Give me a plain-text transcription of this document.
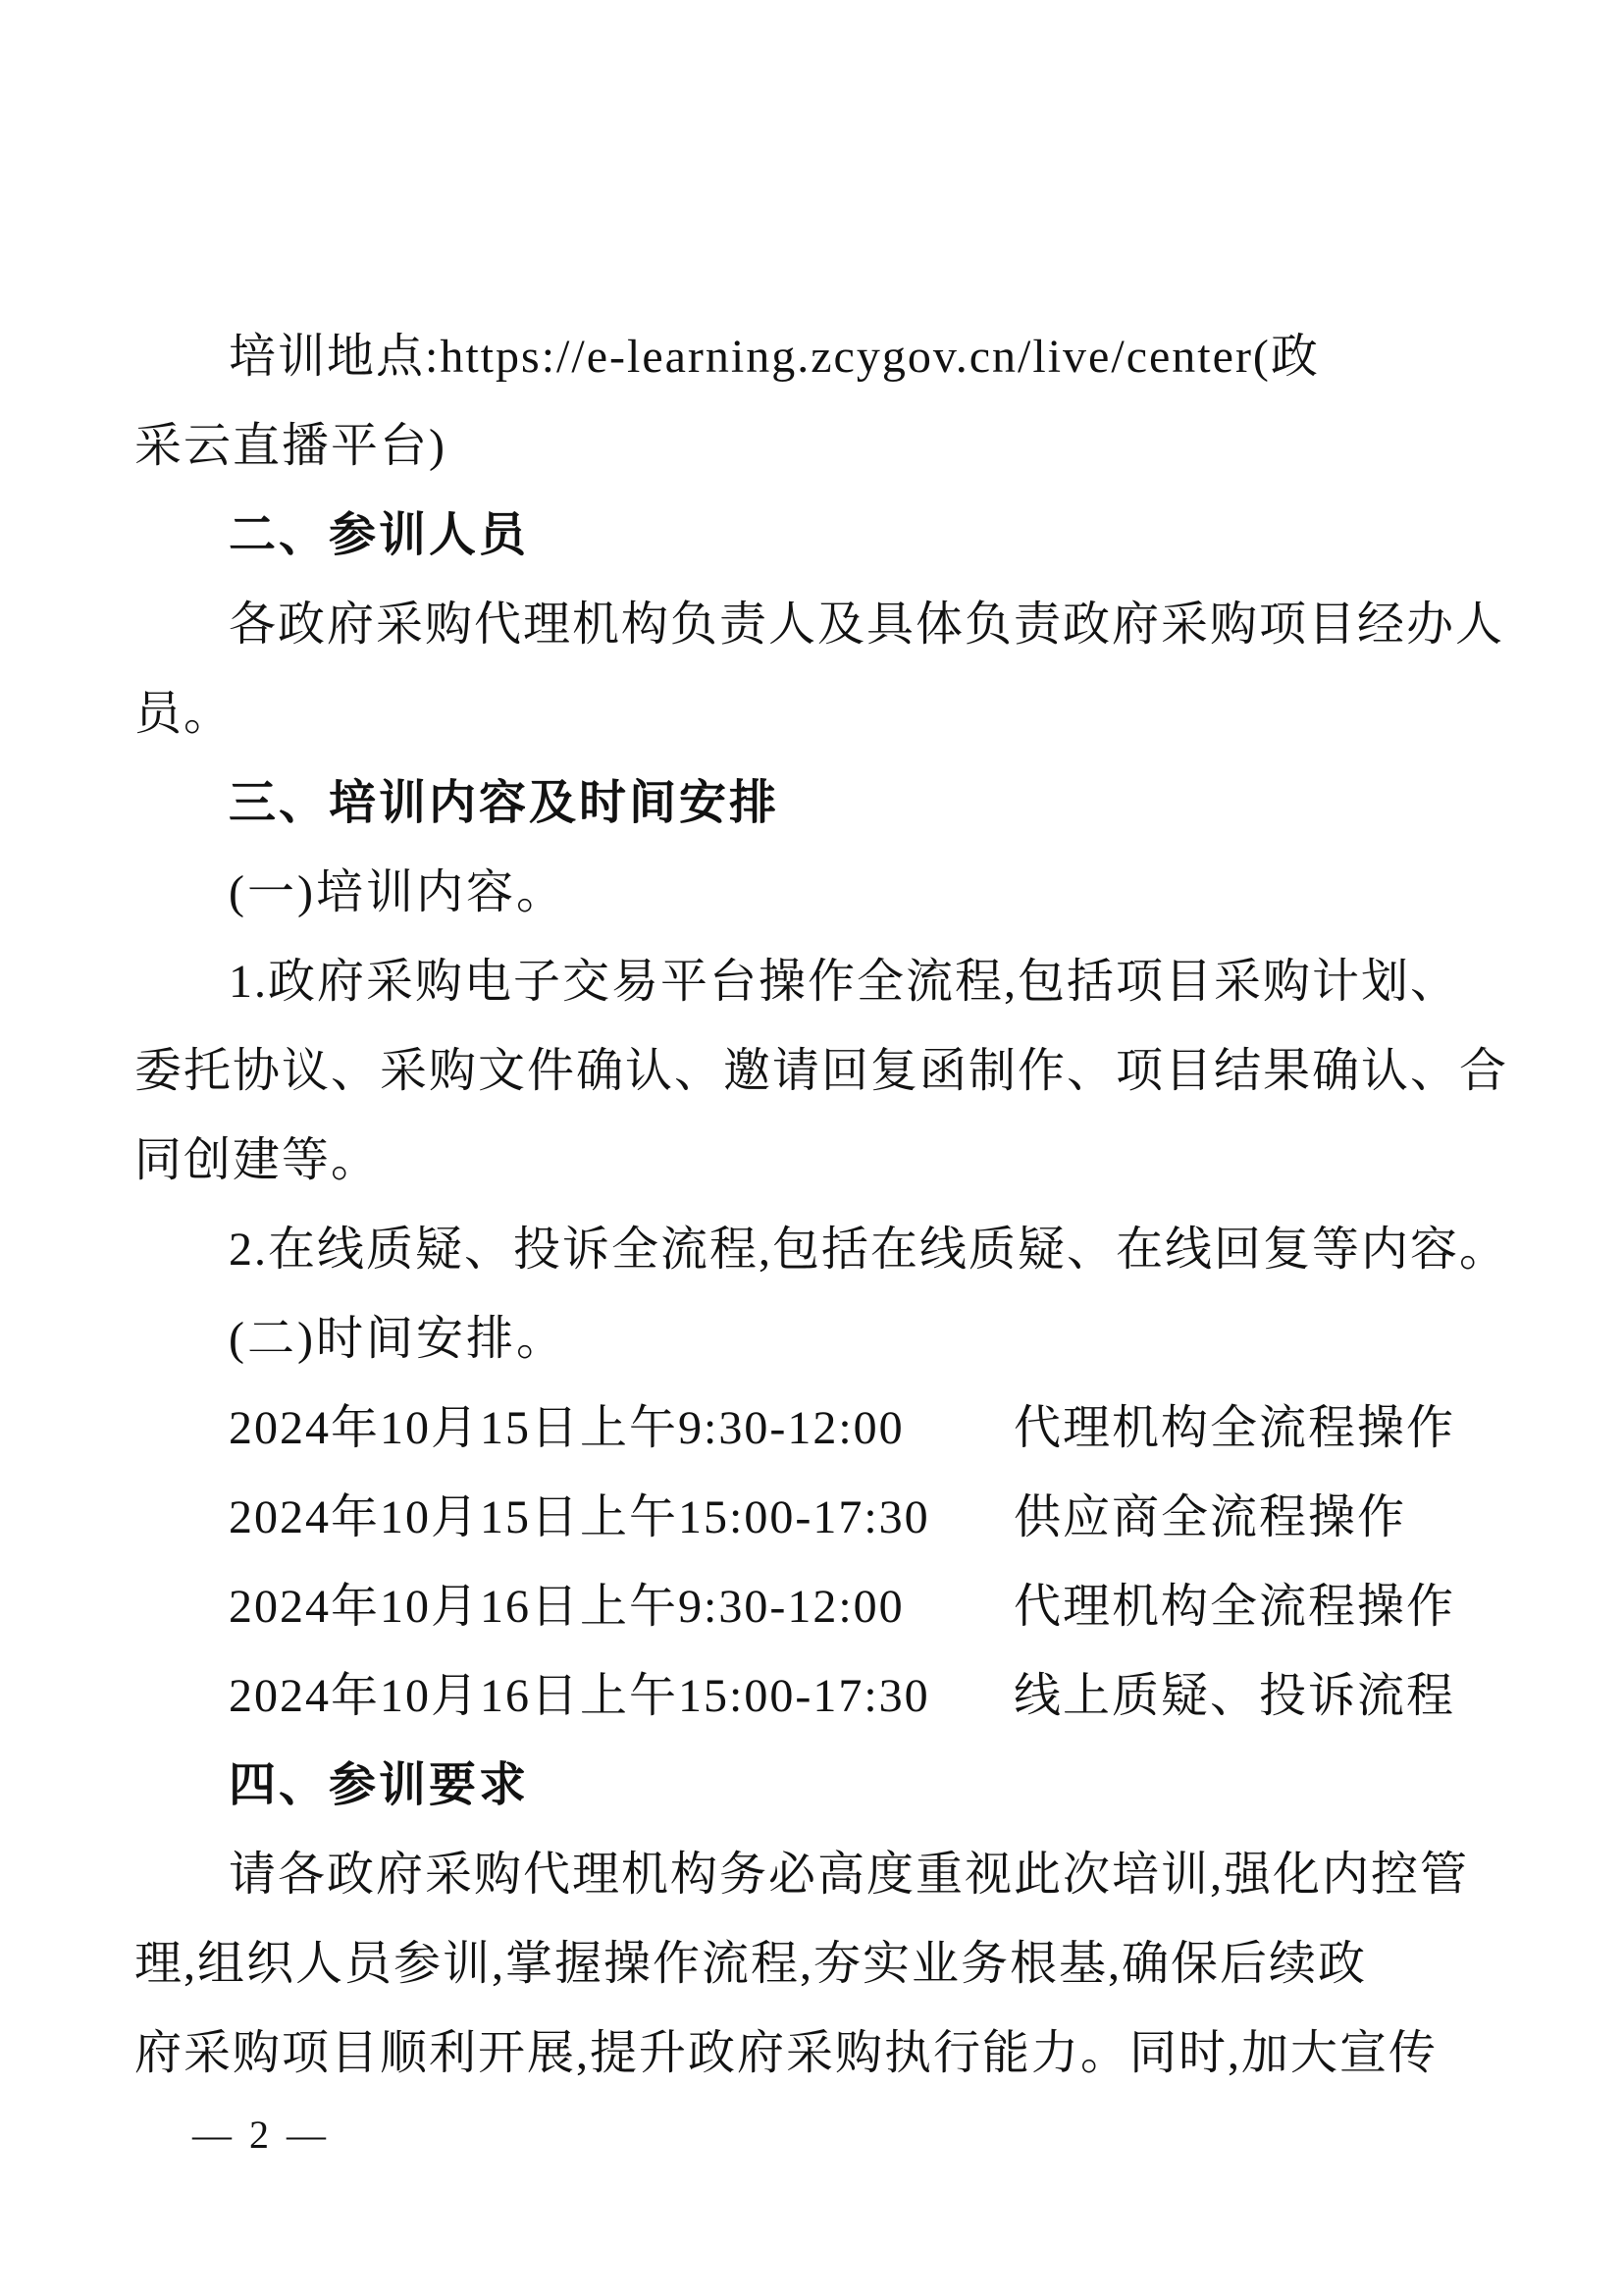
培训地点:https://e-learning.zcygov.cn/live/center(政
采云直播平台)
二、参训人员
各政府采购代理机构负责人及具体负责政府采购项目经办人
员。
三、培训内容及时间安排
(一)培训内容。
1.政府采购电子交易平台操作全流程,包括项目采购计划、
委托协议、采购文件确认、邀请回复函制作、项目结果确认、合
同创建等。
2.在线质疑、投诉全流程,包括在线质疑、在线回复等内容。
(二)时间安排。
2024年10月15日上午9:30-12:00 代理机构全流程操作
2024年10月15日上午15:00-17:30 供应商全流程操作
2024年10月16日上午9:30-12:00 代理机构全流程操作
2024年10月16日上午15:00-17:30 线上质疑、投诉流程
四、参训要求
请各政府采购代理机构务必高度重视此次培训,强化内控管
理,组织人员参训,掌握操作流程,夯实业务根基,确保后续政
府采购项目顺利开展,提升政府采购执行能力。同时,加大宣传
— 2 —
